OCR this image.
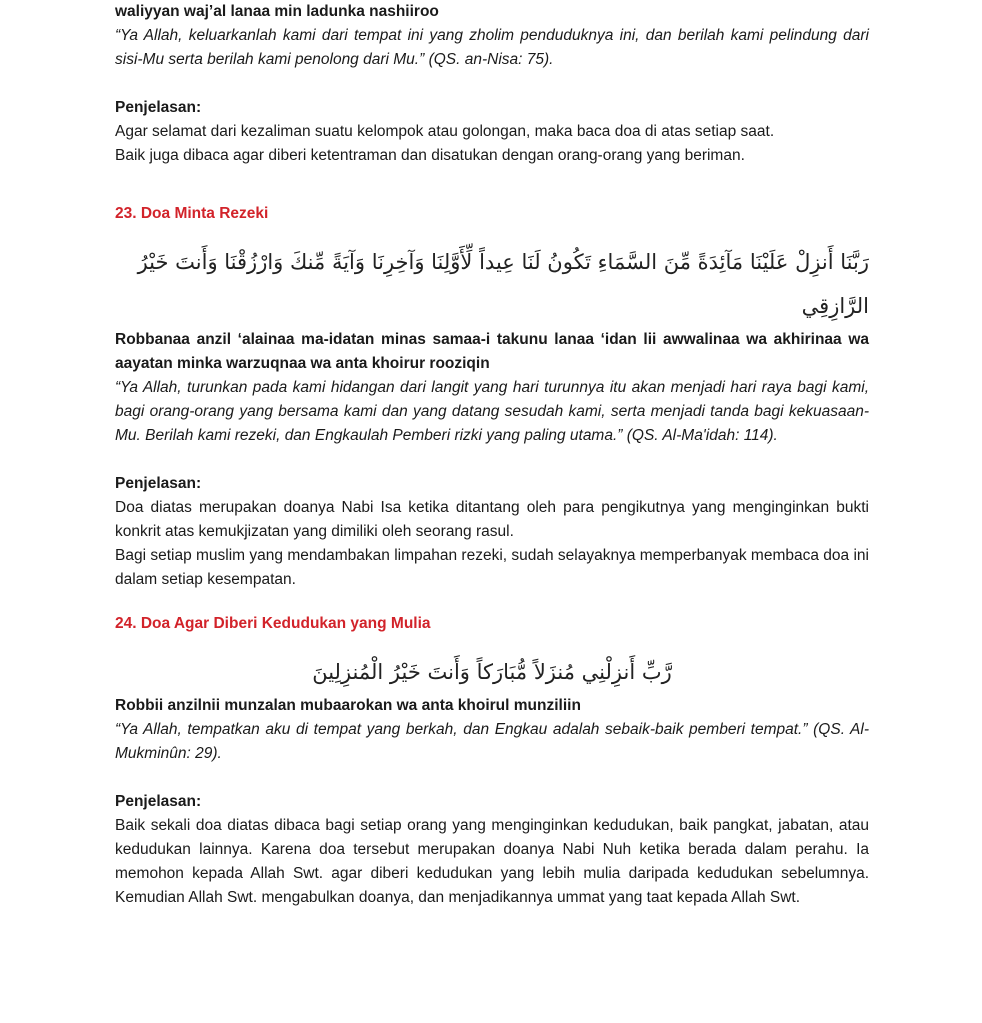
waliyyan waj’al lanaa min ladunka nashiiroo

“Ya Allah, keluarkanlah kami dari tempat ini yang zholim penduduknya ini, dan berilah kami pelindung dari sisi-Mu serta berilah kami penolong dari Mu.” (QS. an-Nisa: 75).

Penjelasan:

Agar selamat dari kezaliman suatu kelompok atau golongan, maka baca doa di atas setiap saat.

Baik juga dibaca agar diberi ketentraman dan disatukan dengan orang-orang yang beriman.

23. Doa Minta Rezeki

رَبَّنَا أَنزِلْ عَلَيْنَا مَآئِدَةً مِّنَ السَّمَاءِ تَكُونُ لَنَا عِيداً لِّأَوَّلِنَا وَآخِرِنَا وَآيَةً مِّنكَ وَارْزُقْنَا وَأَنتَ خَيْرُ الرَّازِقِي

Robbanaa anzil ‘alainaa ma-idatan minas samaa-i takunu lanaa ‘idan lii awwalinaa wa akhirinaa wa aayatan minka warzuqnaa wa anta khoirur rooziqin

“Ya Allah, turunkan pada kami hidangan dari langit yang hari turunnya itu akan menjadi hari raya bagi kami, bagi orang-orang yang bersama kami dan yang datang sesudah kami, serta menjadi tanda bagi kekuasaan-Mu. Berilah kami rezeki, dan Engkaulah Pemberi rizki yang paling utama.” (QS. Al-Ma'idah: 114).

Penjelasan:

Doa diatas merupakan doanya Nabi Isa ketika ditantang oleh para pengikutnya yang menginginkan bukti konkrit atas kemukjizatan yang dimiliki oleh seorang rasul.

Bagi setiap muslim yang mendambakan limpahan rezeki, sudah selayaknya memperbanyak membaca doa ini dalam setiap kesempatan.

24. Doa Agar Diberi Kedudukan yang Mulia

رَّبِّ أَنزِلْنِي مُنزَلاً مُّبَارَكاً وَأَنتَ خَيْرُ الْمُنزِلِينَ

Robbii anzilnii munzalan mubaarokan wa anta khoirul munziliin

“Ya Allah, tempatkan aku di tempat yang berkah, dan Engkau adalah sebaik-baik pemberi tempat.” (QS. Al-Mukminûn: 29).

Penjelasan:

Baik sekali doa diatas dibaca bagi setiap orang yang menginginkan kedudukan, baik pangkat, jabatan, atau kedudukan lainnya. Karena doa tersebut merupakan doanya Nabi Nuh ketika berada dalam perahu. Ia memohon kepada Allah Swt. agar diberi kedudukan yang lebih mulia daripada kedudukan sebelumnya. Kemudian Allah Swt. mengabulkan doanya, dan menjadikannya ummat yang taat kepada Allah Swt.
